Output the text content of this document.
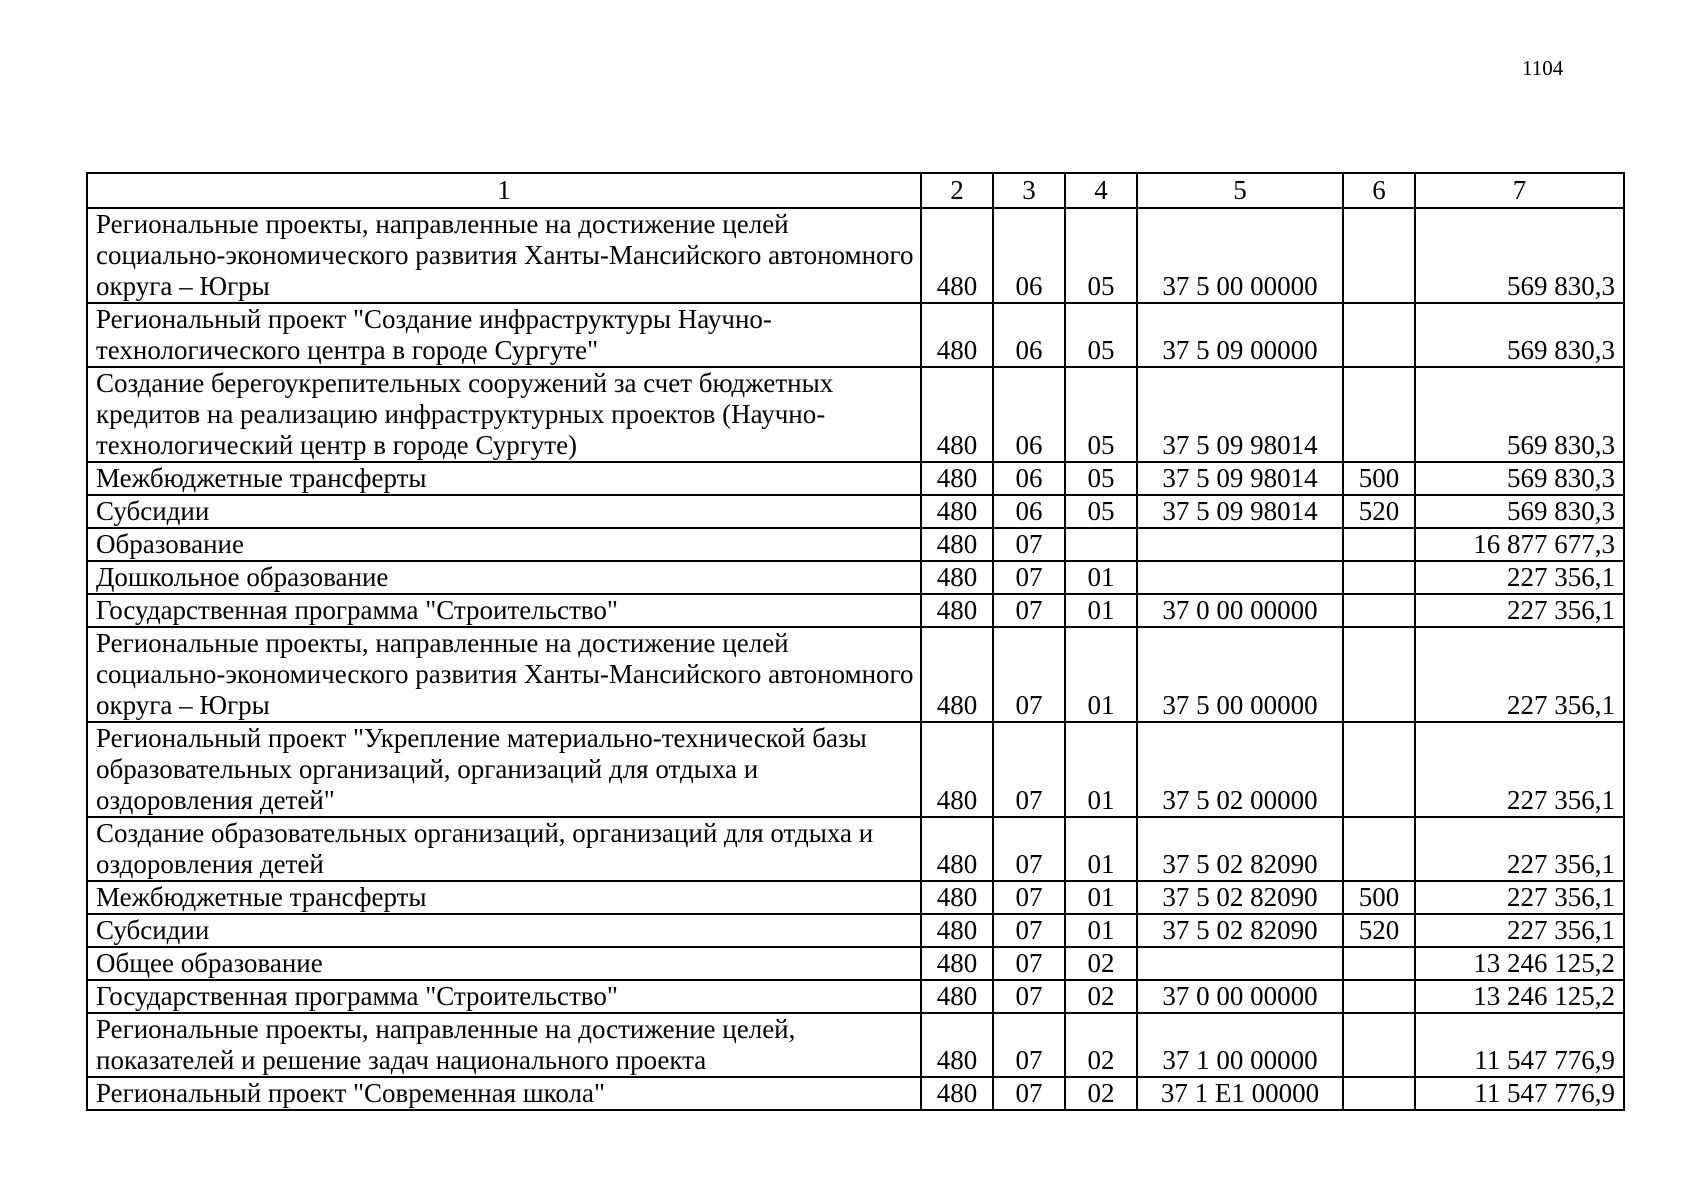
1104
1	2	3	4	5	6	7
Региональные проекты, направленные на достижение целей социально-экономического развития Ханты-Мансийского автономного округа – Югры	480	06	05	37 5 00 00000		569 830,3
Региональный проект "Создание инфраструктуры Научно-технологического центра в городе Сургуте"	480	06	05	37 5 09 00000		569 830,3
Создание берегоукрепительных сооружений за счет бюджетных кредитов на реализацию инфраструктурных проектов (Научно-технологический центр в городе Сургуте)	480	06	05	37 5 09 98014		569 830,3
Межбюджетные трансферты	480	06	05	37 5 09 98014	500	569 830,3
Субсидии	480	06	05	37 5 09 98014	520	569 830,3
Образование	480	07				16 877 677,3
Дошкольное образование	480	07	01			227 356,1
Государственная программа "Строительство"	480	07	01	37 0 00 00000		227 356,1
Региональные проекты, направленные на достижение целей социально-экономического развития Ханты-Мансийского автономного округа – Югры	480	07	01	37 5 00 00000		227 356,1
Региональный проект "Укрепление материально-технической базы образовательных организаций, организаций для отдыха и оздоровления детей"	480	07	01	37 5 02 00000		227 356,1
Создание образовательных организаций, организаций для отдыха и оздоровления детей	480	07	01	37 5 02 82090		227 356,1
Межбюджетные трансферты	480	07	01	37 5 02 82090	500	227 356,1
Субсидии	480	07	01	37 5 02 82090	520	227 356,1
Общее образование	480	07	02			13 246 125,2
Государственная программа "Строительство"	480	07	02	37 0 00 00000		13 246 125,2
Региональные проекты, направленные на достижение целей, показателей и решение задач национального проекта	480	07	02	37 1 00 00000		11 547 776,9
Региональный проект "Современная школа"	480	07	02	37 1 E1 00000		11 547 776,9
